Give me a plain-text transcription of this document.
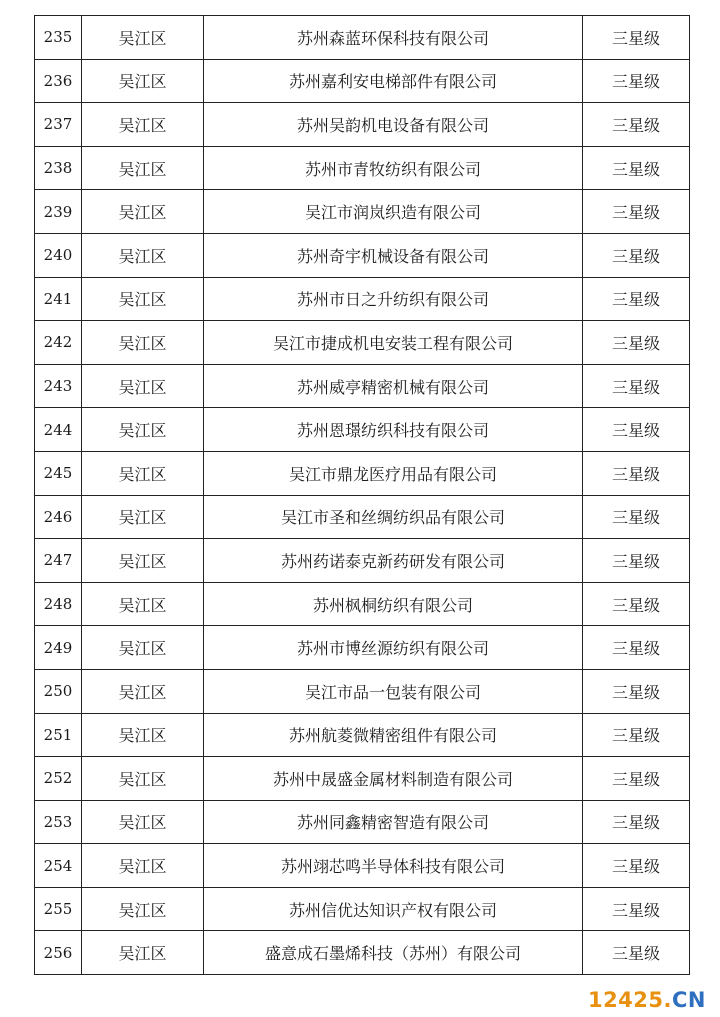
235	吴江区	苏州森蓝环保科技有限公司	三星级
236	吴江区	苏州嘉利安电梯部件有限公司	三星级
237	吴江区	苏州吴韵机电设备有限公司	三星级
238	吴江区	苏州市青牧纺织有限公司	三星级
239	吴江区	吴江市润岚织造有限公司	三星级
240	吴江区	苏州奇宇机械设备有限公司	三星级
241	吴江区	苏州市日之升纺织有限公司	三星级
242	吴江区	吴江市捷成机电安装工程有限公司	三星级
243	吴江区	苏州威亭精密机械有限公司	三星级
244	吴江区	苏州恩璟纺织科技有限公司	三星级
245	吴江区	吴江市鼎龙医疗用品有限公司	三星级
246	吴江区	吴江市圣和丝绸纺织品有限公司	三星级
247	吴江区	苏州药诺泰克新药研发有限公司	三星级
248	吴江区	苏州枫桐纺织有限公司	三星级
249	吴江区	苏州市博丝源纺织有限公司	三星级
250	吴江区	吴江市品一包装有限公司	三星级
251	吴江区	苏州航菱微精密组件有限公司	三星级
252	吴江区	苏州中晟盛金属材料制造有限公司	三星级
253	吴江区	苏州同鑫精密智造有限公司	三星级
254	吴江区	苏州翊芯鸣半导体科技有限公司	三星级
255	吴江区	苏州信优达知识产权有限公司	三星级
256	吴江区	盛意成石墨烯科技（苏州）有限公司	三星级
12425.CN
